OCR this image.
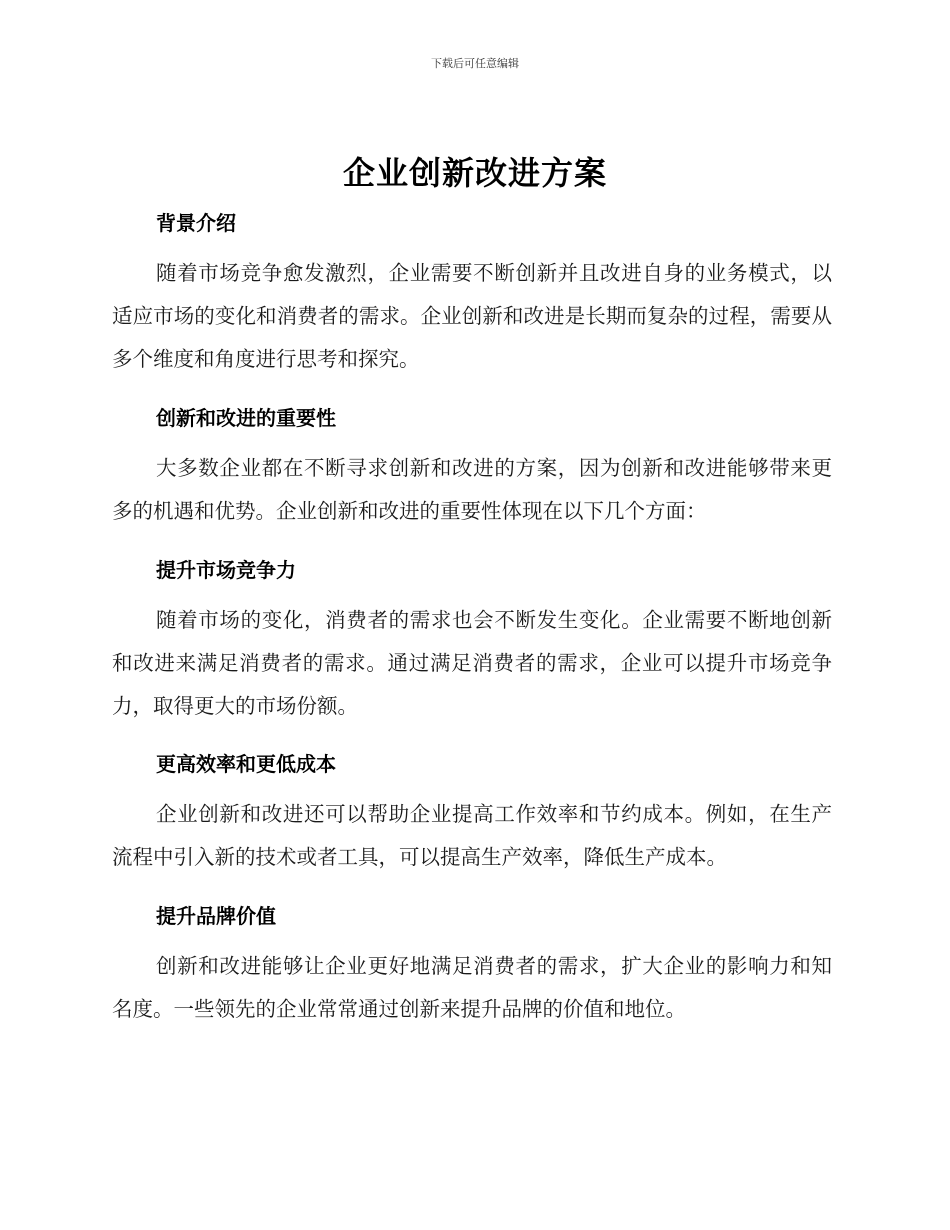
下载后可任意编辑
企业创新改进方案
背景介绍
随着市场竞争愈发激烈，企业需要不断创新并且改进自身的业务模式，以适应市场的变化和消费者的需求。企业创新和改进是长期而复杂的过程，需要从多个维度和角度进行思考和探究。
创新和改进的重要性
大多数企业都在不断寻求创新和改进的方案，因为创新和改进能够带来更多的机遇和优势。企业创新和改进的重要性体现在以下几个方面：
提升市场竞争力
随着市场的变化，消费者的需求也会不断发生变化。企业需要不断地创新和改进来满足消费者的需求。通过满足消费者的需求，企业可以提升市场竞争力，取得更大的市场份额。
更高效率和更低成本
企业创新和改进还可以帮助企业提高工作效率和节约成本。例如，在生产流程中引入新的技术或者工具，可以提高生产效率，降低生产成本。
提升品牌价值
创新和改进能够让企业更好地满足消费者的需求，扩大企业的影响力和知名度。一些领先的企业常常通过创新来提升品牌的价值和地位。
